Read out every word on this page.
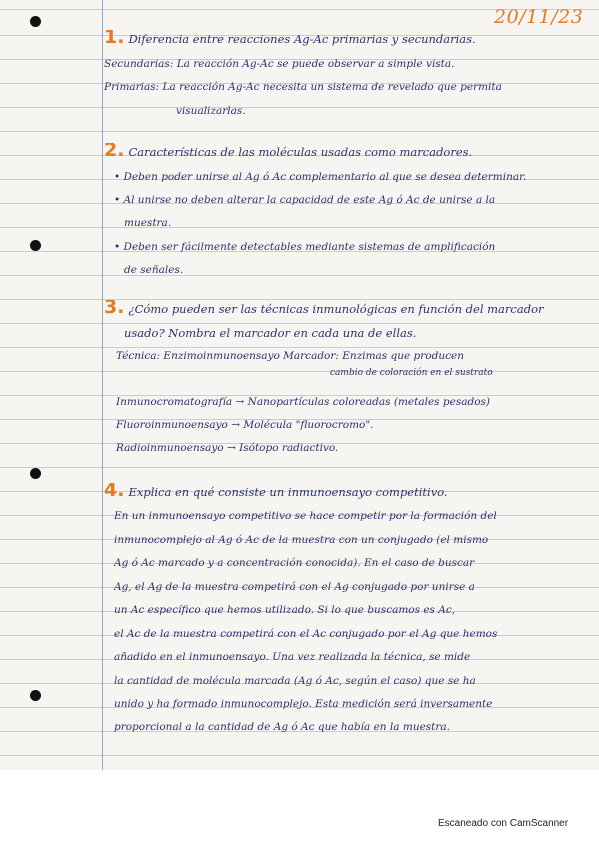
20/11/23
1. Diferencia entre reacciones Ag-Ac primarias y secundarias.
Secundarias: La reacción Ag-Ac se puede observar a simple vista.
Primarias: La reacción Ag-Ac necesita un sistema de revelado que permita
visualizarlas.
2. Características de las moléculas usadas como marcadores.
• Deben poder unirse al Ag ó Ac complementario al que se desea determinar.
• Al unirse no deben alterar la capacidad de este Ag ó Ac de unirse a la
muestra.
• Deben ser fácilmente detectables mediante sistemas de amplificación
de señales.
3. ¿Cómo pueden ser las técnicas inmunológicas en función del marcador
usado? Nombra el marcador en cada una de ellas.
Técnica: Enzimoinmunoensayo Marcador: Enzimas que producen
cambio de coloración en el sustrato
Inmunocromatografía → Nanopartículas coloreadas (metales pesados)
Fluoroinmunoensayo → Molécula "fluorocromo".
Radioinmunoensayo → Isótopo radiactivo.
4. Explica en qué consiste un inmunoensayo competitivo.
En un inmunoensayo competitivo se hace competir por la formación del
inmunocomplejo al Ag ó Ac de la muestra con un conjugado (el mismo
Ag ó Ac marcado y a concentración conocida). En el caso de buscar
Ag, el Ag de la muestra competirá con el Ag conjugado por unirse a
un Ac específico que hemos utilizado. Si lo que buscamos es Ac,
el Ac de la muestra competirá con el Ac conjugado por el Ag que hemos
añadido en el inmunoensayo. Una vez realizada la técnica, se mide
la cantidad de molécula marcada (Ag ó Ac, según el caso) que se ha
unido y ha formado inmunocomplejo. Esta medición será inversamente
proporcional a la cantidad de Ag ó Ac que había en la muestra.
Escaneado con CamScanner
